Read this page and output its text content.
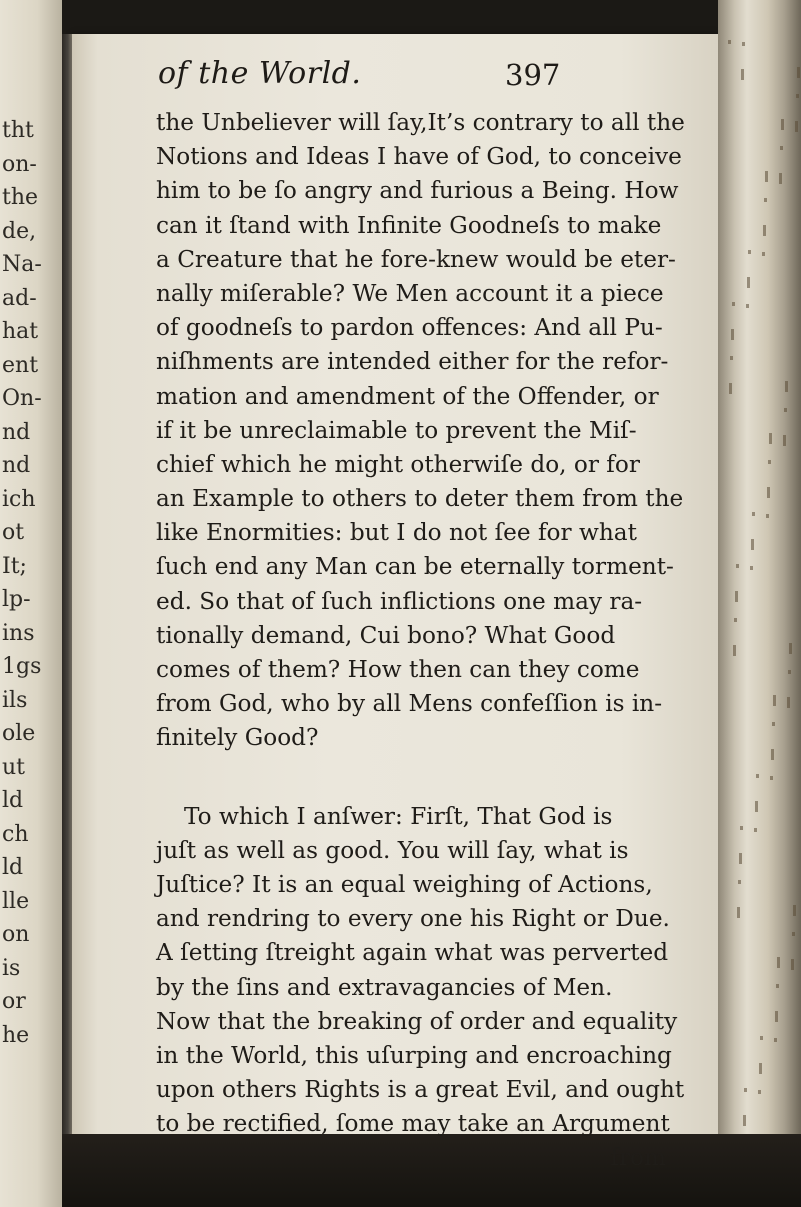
tht
on-
the
de,
Na-
ad-
hat
ent
On-
nd
nd
ich
ot
It;
lp-
ins
1gs
ils
ole
ut
ld
ch
ld
lle
on
is
or
he
of the World.	397
the Unbeliever will ſay,It’s contrary to all the
Notions and Ideas I have of God, to conceive
him to be ſo angry and furious a Being. How
can it ſtand with Infinite Goodneſs to make
a Creature that he fore-knew would be eter-
nally miſerable? We Men account it a piece
of goodneſs to pardon offences: And all Pu-
niſhments are intended either for the refor-
mation and amendment of the Offender, or
if it be unreclaimable to prevent the Miſ-
chief which he might otherwiſe do, or for
an Example to others to deter them from the
like Enormities: but I do not ſee for what
ſuch end any Man can be eternally torment-
ed. So that of ſuch inflictions one may ra-
tionally demand, Cui bono? What Good
comes of them? How then can they come
from God, who by all Mens confeſſion is in-
finitely Good?
To which I anſwer: Firſt, That God is
juſt as well as good. You will ſay, what is
Juſtice? It is an equal weighing of Actions,
and rendring to every one his Right or Due.
A ſetting ſtreight again what was perverted
by the ſins and extravagancies of Men.
Now that the breaking of order and equality
in the World, this uſurping and encroaching
upon others Rights is a great Evil, and ought
to be rectified, ſome may take an Argument
from
